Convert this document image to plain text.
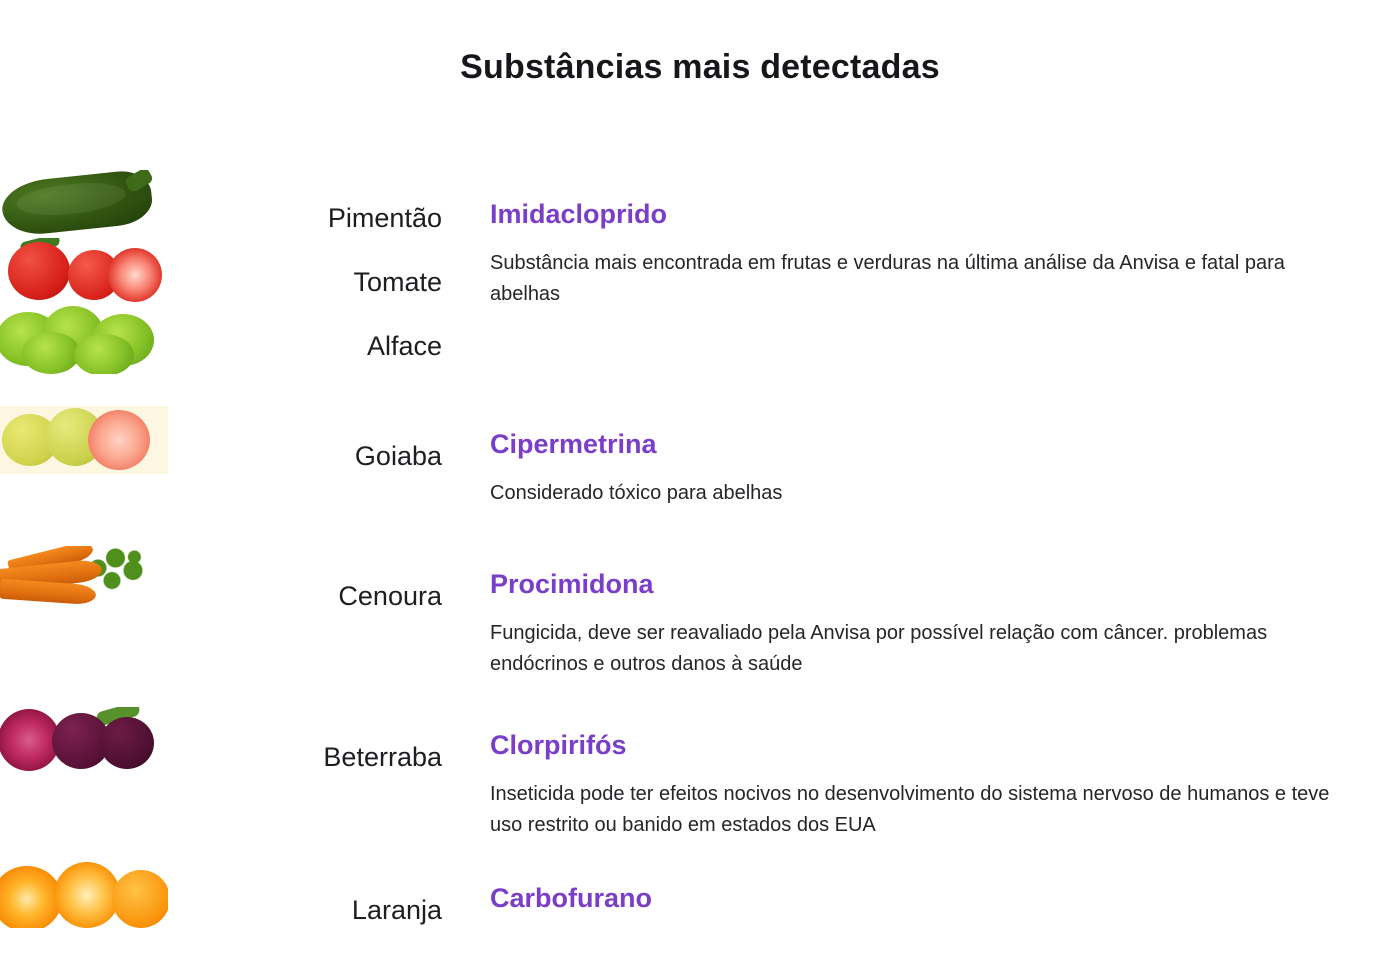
Substâncias mais detectadas
Pimentão
Tomate
Alface
Imidacloprido
Substância mais encontrada em frutas e verduras na última análise da Anvisa e fatal para abelhas
Goiaba Cipermetrina
Considerado tóxico para abelhas
Cenoura Procimidona
Fungicida, deve ser reavaliado pela Anvisa por possível relação com câncer. problemas endócrinos e outros danos à saúde
Beterraba Clorpirifós
Inseticida pode ter efeitos nocivos no desenvolvimento do sistema nervoso de humanos e teve uso restrito ou banido em estados dos EUA
Laranja Carbofurano
